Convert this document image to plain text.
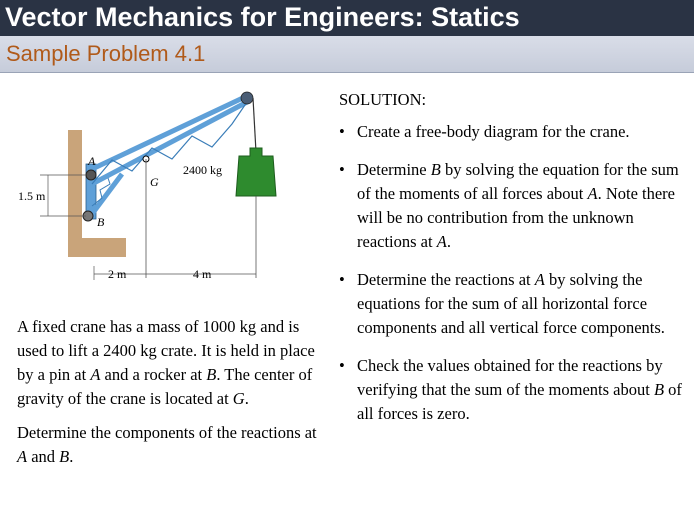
Vector Mechanics for Engineers: Statics
Sample Problem 4.1
A
B
G
2400 kg
1.5 m
2 m	4 m

A fixed crane has a mass of 1000 kg and is used to lift a 2400 kg crate. It is held in place by a pin at A and a rocker at B. The center of gravity of the crane is located at G.

Determine the components of the reactions at A and B.

SOLUTION:
• Create a free-body diagram for the crane.
• Determine B by solving the equation for the sum of the moments of all forces about A. Note there will be no contribution from the unknown reactions at A.
• Determine the reactions at A by solving the equations for the sum of all horizontal force components and all vertical force components.
• Check the values obtained for the reactions by verifying that the sum of the moments about B of all forces is zero.
